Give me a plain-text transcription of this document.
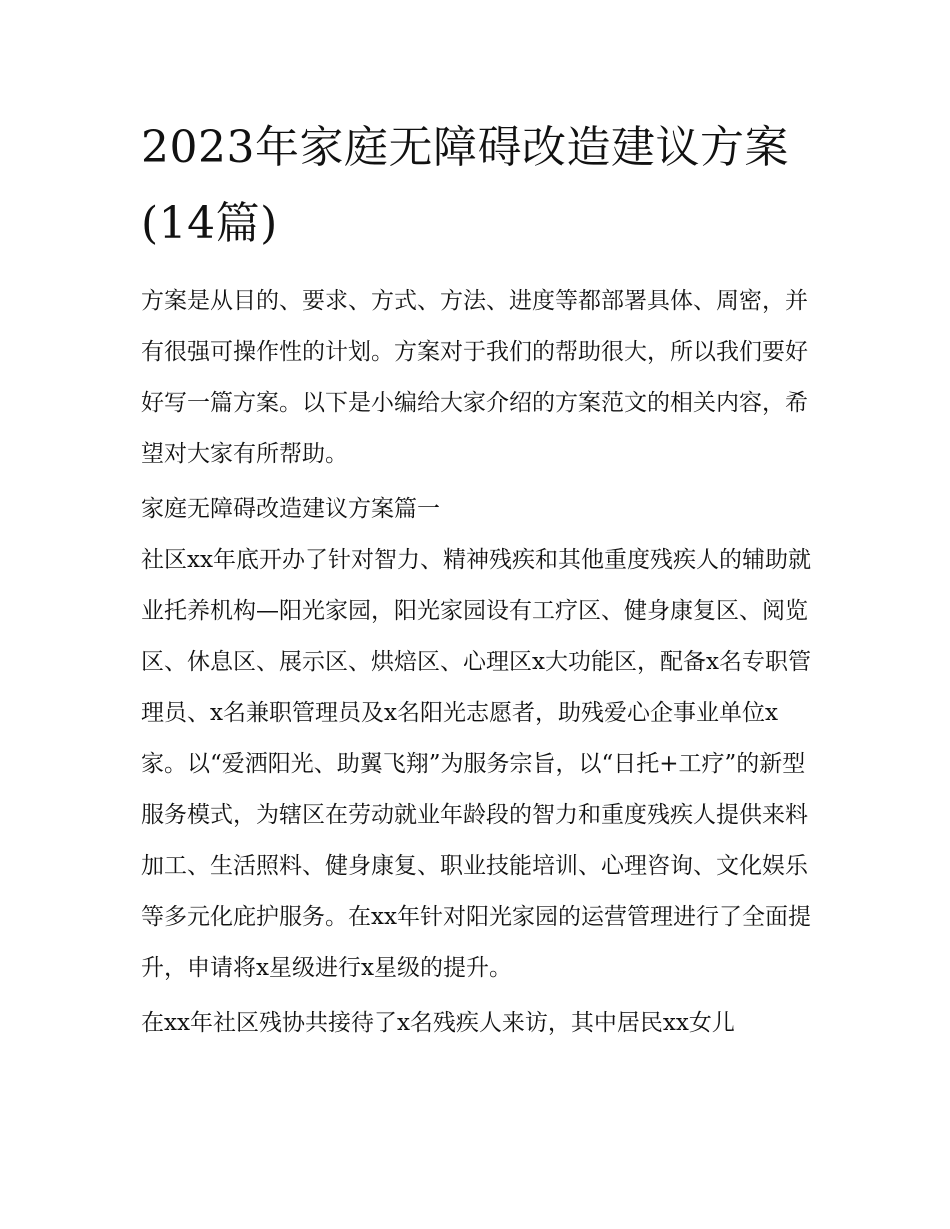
2023年家庭无障碍改造建议方案(14篇)

方案是从目的、要求、方式、方法、进度等都部署具体、周密，并有很强可操作性的计划。方案对于我们的帮助很大，所以我们要好好写一篇方案。以下是小编给大家介绍的方案范文的相关内容，希望对大家有所帮助。

家庭无障碍改造建议方案篇一

社区xx年底开办了针对智力、精神残疾和其他重度残疾人的辅助就业托养机构—阳光家园，阳光家园设有工疗区、健身康复区、阅览区、休息区、展示区、烘焙区、心理区x大功能区，配备x名专职管理员、x名兼职管理员及x名阳光志愿者，助残爱心企事业单位x家。以“爱洒阳光、助翼飞翔”为服务宗旨，以“日托+工疗”的新型服务模式，为辖区在劳动就业年龄段的智力和重度残疾人提供来料加工、生活照料、健身康复、职业技能培训、心理咨询、文化娱乐等多元化庇护服务。在xx年针对阳光家园的运营管理进行了全面提升，申请将x星级进行x星级的提升。

在xx年社区残协共接待了x名残疾人来访，其中居民xx女儿
